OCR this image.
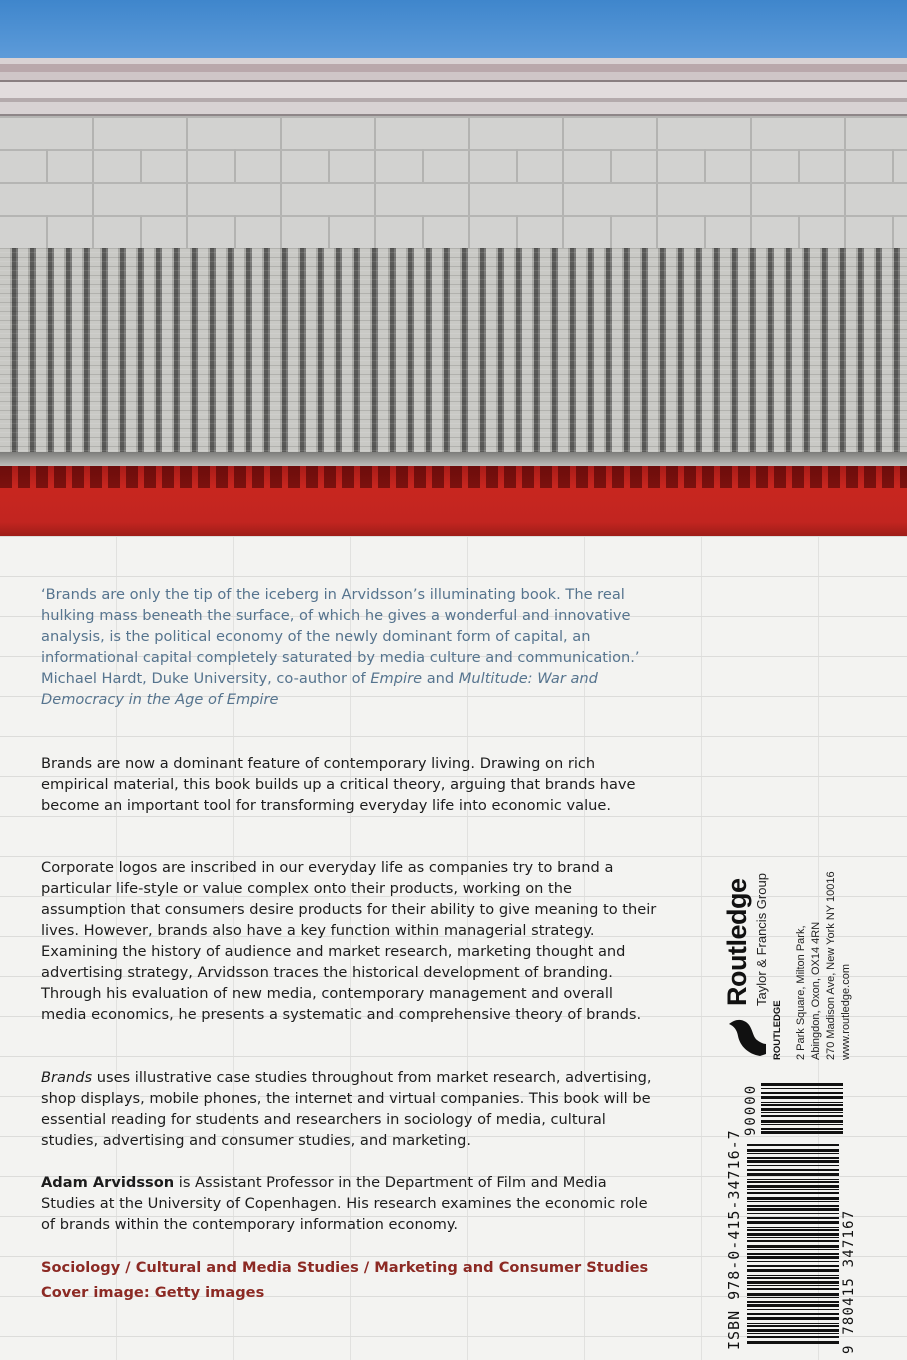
‘Brands are only the tip of the iceberg in Arvidsson’s illuminating book. The real hulking mass beneath the surface, of which he gives a wonderful and innovative analysis, is the political economy of the newly dominant form of capital, an informational capital completely saturated by media culture and communication.’
Michael Hardt, Duke University, co-author of Empire and Multitude: War and Democracy in the Age of Empire

Brands are now a dominant feature of contemporary living. Drawing on rich empirical material, this book builds up a critical theory, arguing that brands have become an important tool for transforming everyday life into economic value.

Corporate logos are inscribed in our everyday life as companies try to brand a particular life-style or value complex onto their products, working on the assumption that consumers desire products for their ability to give meaning to their lives. However, brands also have a key function within managerial strategy. Examining the history of audience and market research, marketing thought and advertising strategy, Arvidsson traces the historical development of branding. Through his evaluation of new media, contemporary management and overall media economics, he presents a systematic and comprehensive theory of brands.

Brands uses illustrative case studies throughout from market research, advertising, shop displays, mobile phones, the internet and virtual companies. This book will be essential reading for students and researchers in sociology of media, cultural studies, advertising and consumer studies, and marketing.

Adam Arvidsson is Assistant Professor in the Department of Film and Media Studies at the University of Copenhagen. His research examines the economic role of brands within the contemporary information economy.

Sociology / Cultural and Media Studies / Marketing and Consumer Studies
Cover image: Getty images
Routledge Taylor & Francis Group
ROUTLEDGE 2 Park Square, Milton Park, Abingdon, Oxon, OX14 4RN 270 Madison Ave, New York NY 10016 www.routledge.com
ISBN 978-0-415-34716-7	9 780415 347167
90000
